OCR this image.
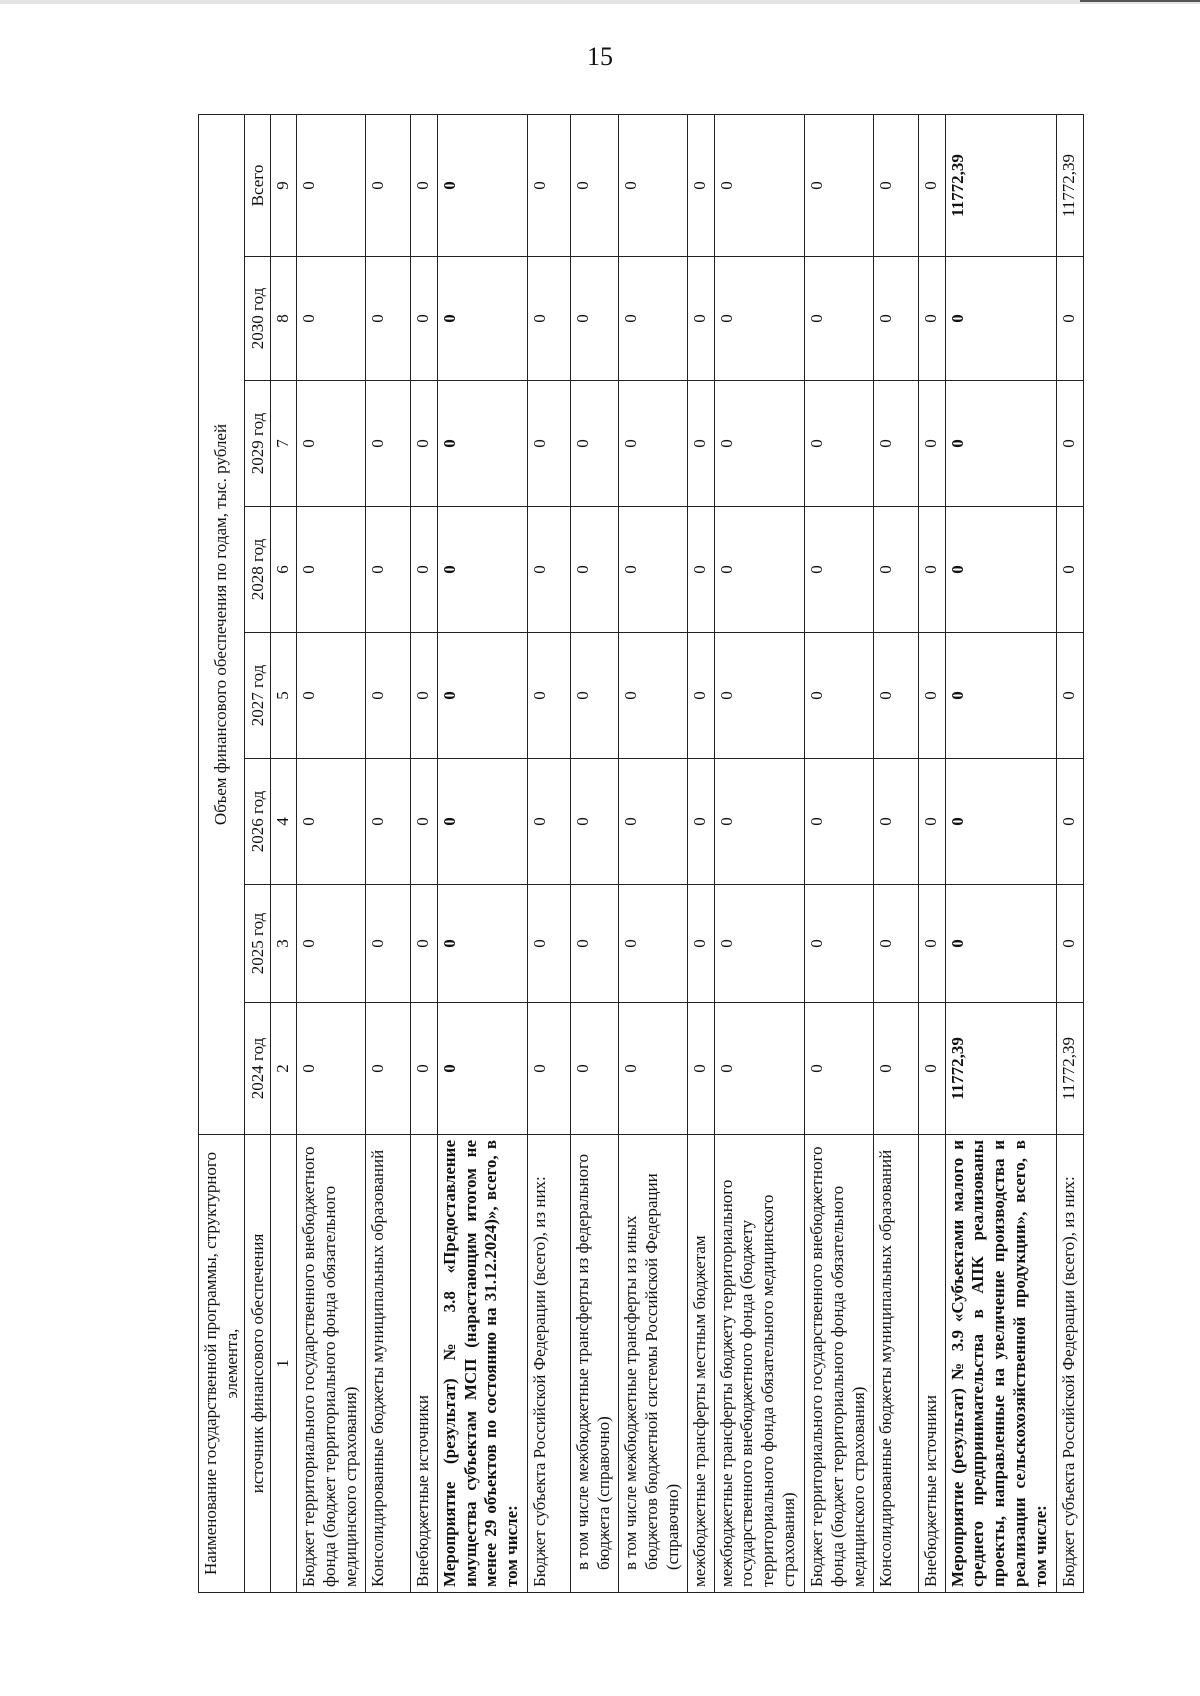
15
Наименование государственной программы, структурного элемента,	Объем финансового обеспечения по годам, тыс. рублей							
источник финансового обеспечения	2024 год	2025 год	2026 год	2027 год	2028 год	2029 год	2030 год	Всего
1	2	3	4	5	6	7	8	9
Бюджет территориального государственного внебюджетного фонда (бюджет территориального фонда обязательного медицинского страхования)	0	0	0	0	0	0	0	0
Консолидированные бюджеты муниципальных образований	0	0	0	0	0	0	0	0
Внебюджетные источники	0	0	0	0	0	0	0	0
Мероприятие (результат) № 3.8 «Предоставление имущества субъектам МСП (нарастающим итогом не менее 29 объектов по состоянию на 31.12.2024)», всего, в том числе:	0	0	0	0	0	0	0	0
Бюджет субъекта Российской Федерации (всего), из них:	0	0	0	0	0	0	0	0
в том числе межбюджетные трансферты из федерального бюджета (справочно)	0	0	0	0	0	0	0	0
в том числе межбюджетные трансферты из иных бюджетов бюджетной системы Российской Федерации (справочно)	0	0	0	0	0	0	0	0
межбюджетные трансферты местным бюджетам	0	0	0	0	0	0	0	0
межбюджетные трансферты бюджету территориального государственного внебюджетного фонда (бюджету территориального фонда обязательного медицинского страхования)	0	0	0	0	0	0	0	0
Бюджет территориального государственного внебюджетного фонда (бюджет территориального фонда обязательного медицинского страхования)	0	0	0	0	0	0	0	0
Консолидированные бюджеты муниципальных образований	0	0	0	0	0	0	0	0
Внебюджетные источники	0	0	0	0	0	0	0	0
Мероприятие (результат) № 3.9 «Субъектами малого и среднего предпринимательства в АПК реализованы проекты, направленные на увеличение производства и реализации сельскохозяйственной продукции», всего, в том числе:	11772,39	0	0	0	0	0	0	11772,39
Бюджет субъекта Российской Федерации (всего), из них:	11772,39	0	0	0	0	0	0	11772,39
